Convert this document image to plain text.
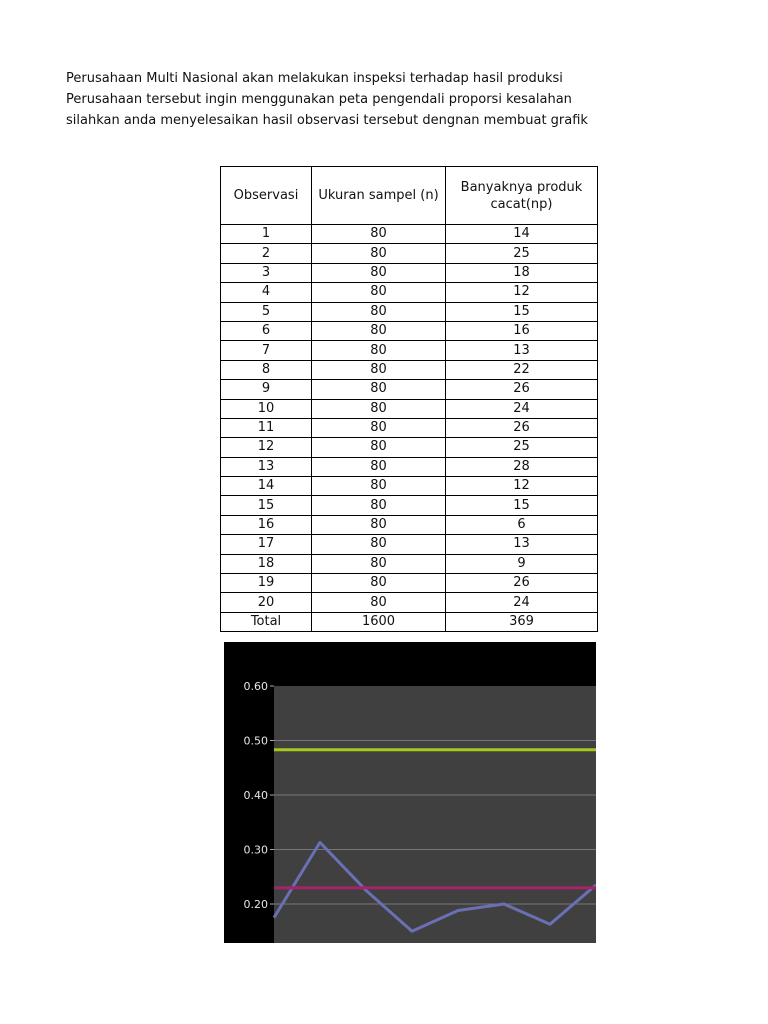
Perusahaan Multi Nasional akan melakukan inspeksi terhadap hasil produksi
Perusahaan tersebut ingin menggunakan peta pengendali proporsi kesalahan
silahkan anda menyelesaikan hasil observasi tersebut dengnan membuat grafik
Observasi	Ukuran sampel (n)	Banyaknya produk cacat(np)
1	80	14
2	80	25
3	80	18
4	80	12
5	80	15
6	80	16
7	80	13
8	80	22
9	80	26
10	80	24
11	80	26
12	80	25
13	80	28
14	80	12
15	80	15
16	80	6
17	80	13
18	80	9
19	80	26
20	80	24
Total	1600	369
0.60
0.50
0.40
0.30
0.20
